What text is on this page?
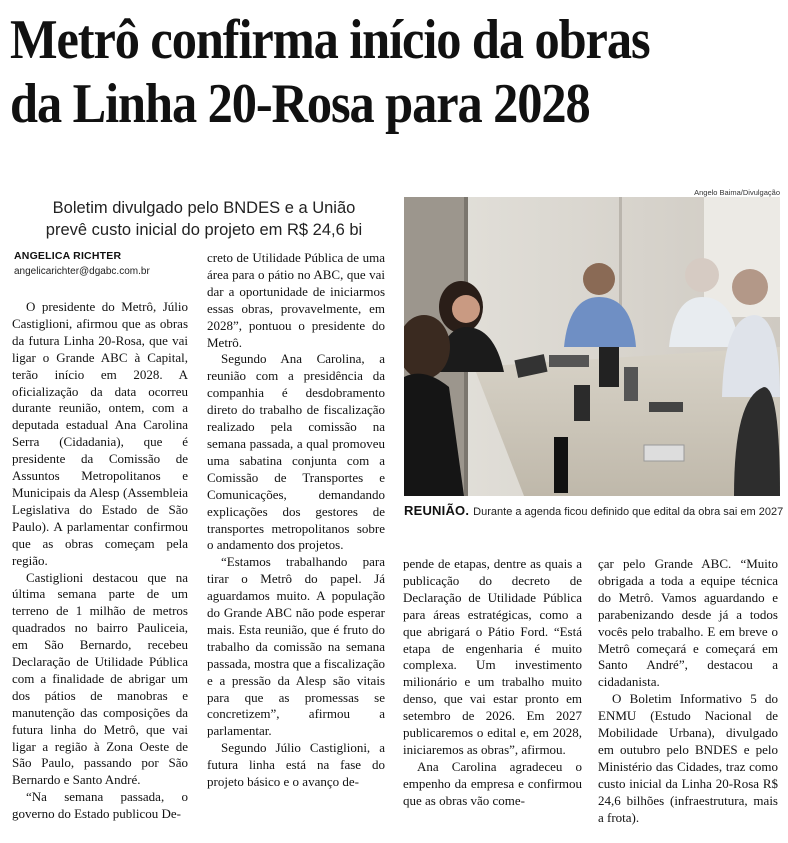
Metrô confirma início da obras
da Linha 20-Rosa para 2028
Boletim divulgado pelo BNDES e a União
prevê custo inicial do projeto em R$ 24,6 bi
ANGELICA RICHTER
angelicarichter@dgabc.com.br

O presidente do Metrô, Júlio Castiglioni, afirmou que as obras da futura Linha 20-Rosa, que vai ligar o Grande ABC à Capital, terão início em 2028. A oficialização da data ocorreu durante reunião, ontem, com a deputada estadual Ana Carolina Serra (Cidadania), que é presidente da Comissão de Assuntos Metropolitanos e Municipais da Alesp (Assembleia Legislativa do Estado de São Paulo). A parlamentar confirmou que as obras começam pela região.

Castiglioni destacou que na última semana parte de um terreno de 1 milhão de metros quadrados no bairro Pauliceia, em São Bernardo, recebeu Declaração de Utilidade Pública com a finalidade de abrigar um dos pátios de manobras e manutenção das composições da futura linha do Metrô, que vai ligar a região à Zona Oeste de São Paulo, passando por São Bernardo e Santo André.

“Na semana passada, o governo do Estado publicou De-

creto de Utilidade Pública de uma área para o pátio no ABC, que vai dar a oportunidade de iniciarmos essas obras, provavelmente, em 2028”, pontuou o presidente do Metrô.

Segundo Ana Carolina, a reunião com a presidência da companhia é desdobramento direto do trabalho de fiscalização realizado pela comissão na semana passada, a qual promoveu uma sabatina conjunta com a Comissão de Transportes e Comunicações, demandando explicações dos gestores de transportes metropolitanos sobre o andamento dos projetos.

“Estamos trabalhando para tirar o Metrô do papel. Já aguardamos muito. A população do Grande ABC não pode esperar mais. Esta reunião, que é fruto do trabalho da comissão na semana passada, mostra que a fiscalização e a pressão da Alesp são vitais para que as promessas se concretizem”, afirmou a parlamentar.

Segundo Júlio Castiglioni, a futura linha está na fase do projeto básico e o avanço de-

Angelo Baima/Divulgação
REUNIÃO. Durante a agenda ficou definido que edital da obra sai em 2027

pende de etapas, dentre as quais a publicação do decreto de Declaração de Utilidade Pública para áreas estratégicas, como a que abrigará o Pátio Ford. “Está etapa de engenharia é muito complexa. Um investimento milionário e um trabalho muito denso, que vai estar pronto em setembro de 2026. Em 2027 publicaremos o edital e, em 2028, iniciaremos as obras”, afirmou.

Ana Carolina agradeceu o empenho da empresa e confirmou que as obras vão come-

çar pelo Grande ABC. “Muito obrigada a toda a equipe técnica do Metrô. Vamos aguardando e parabenizando desde já a todos vocês pelo trabalho. E em breve o Metrô começará e começará em Santo André”, destacou a cidadanista.

O Boletim Informativo 5 do ENMU (Estudo Nacional de Mobilidade Urbana), divulgado em outubro pelo BNDES e pelo Ministério das Cidades, traz como custo inicial da Linha 20-Rosa R$ 24,6 bilhões (infraestrutura, mais a frota).
